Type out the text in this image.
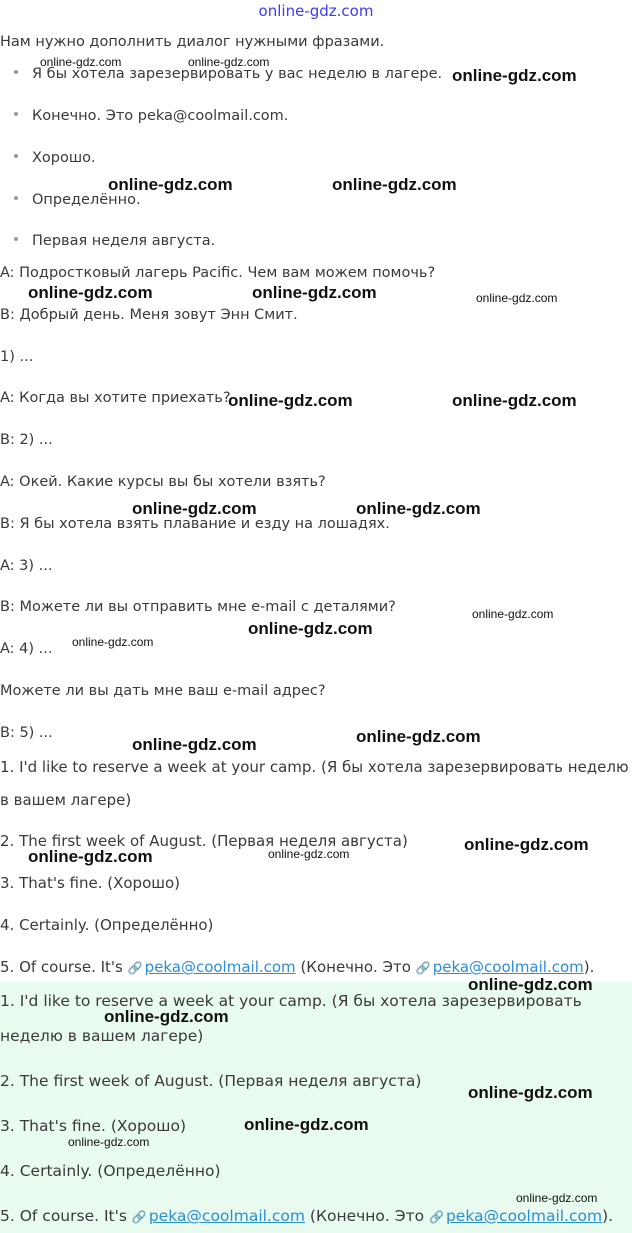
online-gdz.com
Нам нужно дополнить диалог нужными фразами.
Я бы хотела зарезервировать у вас неделю в лагере.
Конечно. Это peka@coolmail.com.
Хорошо.
Определённо.
Первая неделя августа.
A: Подростковый лагерь Pacific. Чем вам можем помочь?
B: Добрый день. Меня зовут Энн Смит.
1) ...
A: Когда вы хотите приехать?
B: 2) ...
A: Окей. Какие курсы вы бы хотели взять?
B: Я бы хотела взять плавание и езду на лошадях.
A: 3) ...
B: Можете ли вы отправить мне e-mail с деталями?
A: 4) ...
Можете ли вы дать мне ваш e-mail адрес?
B: 5) ...
1. I'd like to reserve a week at your camp. (Я бы хотела зарезервировать неделю
в вашем лагере)
2. The first week of August. (Первая неделя августа)
3. That's fine. (Хорошо)
4. Certainly. (Определённо)
5. Of course. It's 🔗 peka@coolmail.com (Конечно. Это 🔗 peka@coolmail.com).
1. I'd like to reserve a week at your camp. (Я бы хотела зарезервировать
неделю в вашем лагере)
2. The first week of August. (Первая неделя августа)
3. That's fine. (Хорошо)
4. Certainly. (Определённо)
5. Of course. It's 🔗 peka@coolmail.com (Конечно. Это 🔗 peka@coolmail.com).
online-gdz.com	online-gdz.com
online-gdz.com
online-gdz.com	online-gdz.com
online-gdz.com	online-gdz.com	online-gdz.com
online-gdz.com	online-gdz.com
online-gdz.com	online-gdz.com
online-gdz.com
online-gdz.com
online-gdz.com
online-gdz.com
online-gdz.com
online-gdz.com
online-gdz.com	online-gdz.com
online-gdz.com
online-gdz.com
online-gdz.com
online-gdz.com
online-gdz.com
online-gdz.com
